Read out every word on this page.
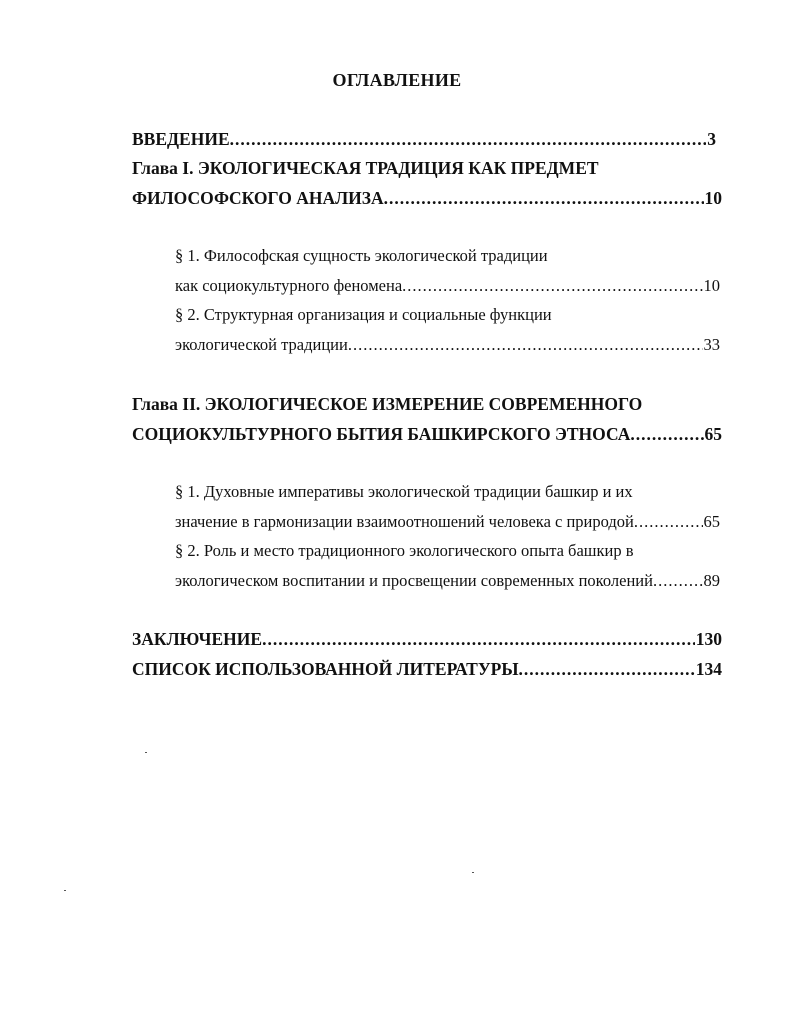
ОГЛАВЛЕНИЕ
ВВЕДЕНИЕ .....	3
Глава I. ЭКОЛОГИЧЕСКАЯ ТРАДИЦИЯ КАК ПРЕДМЕТ
ФИЛОСОФСКОГО АНАЛИЗА .....	10
§ 1. Философская сущность экологической традиции
как социокультурного феномена .....	10
§ 2. Структурная организация и социальные функции
экологической традиции .....	33
Глава II. ЭКОЛОГИЧЕСКОЕ ИЗМЕРЕНИЕ СОВРЕМЕННОГО
СОЦИОКУЛЬТУРНОГО БЫТИЯ БАШКИРСКОГО ЭТНОСА .....	65
§ 1. Духовные императивы экологической традиции башкир и их
значение в гармонизации взаимоотношений человека с природой .....	65
§ 2. Роль и место традиционного экологического опыта башкир в
экологическом воспитании и просвещении современных поколений .....	89
ЗАКЛЮЧЕНИЕ .....	130
СПИСОК ИСПОЛЬЗОВАННОЙ ЛИТЕРАТУРЫ .....	134
